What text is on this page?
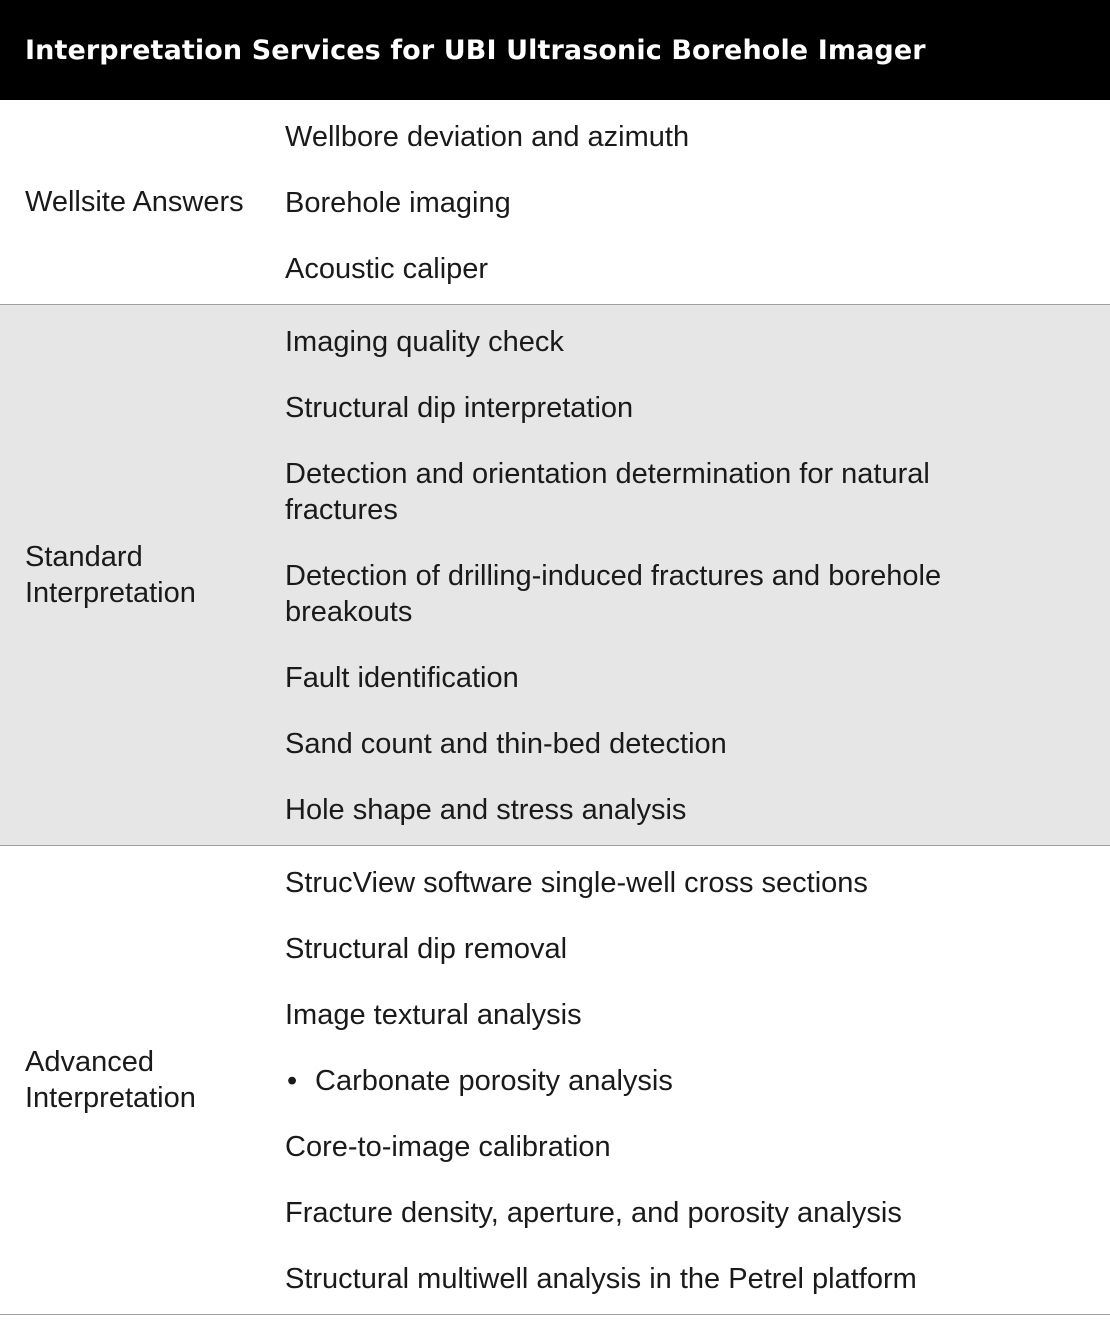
Interpretation Services for UBI Ultrasonic Borehole Imager
Wellsite Answers
Wellbore deviation and azimuth
Borehole imaging
Acoustic caliper
Standard Interpretation
Imaging quality check
Structural dip interpretation
Detection and orientation determination for natural fractures
Detection of drilling-induced fractures and borehole breakouts
Fault identification
Sand count and thin-bed detection
Hole shape and stress analysis
Advanced Interpretation
StrucView software single-well cross sections
Structural dip removal
Image textural analysis
• Carbonate porosity analysis
Core-to-image calibration
Fracture density, aperture, and porosity analysis
Structural multiwell analysis in the Petrel platform
